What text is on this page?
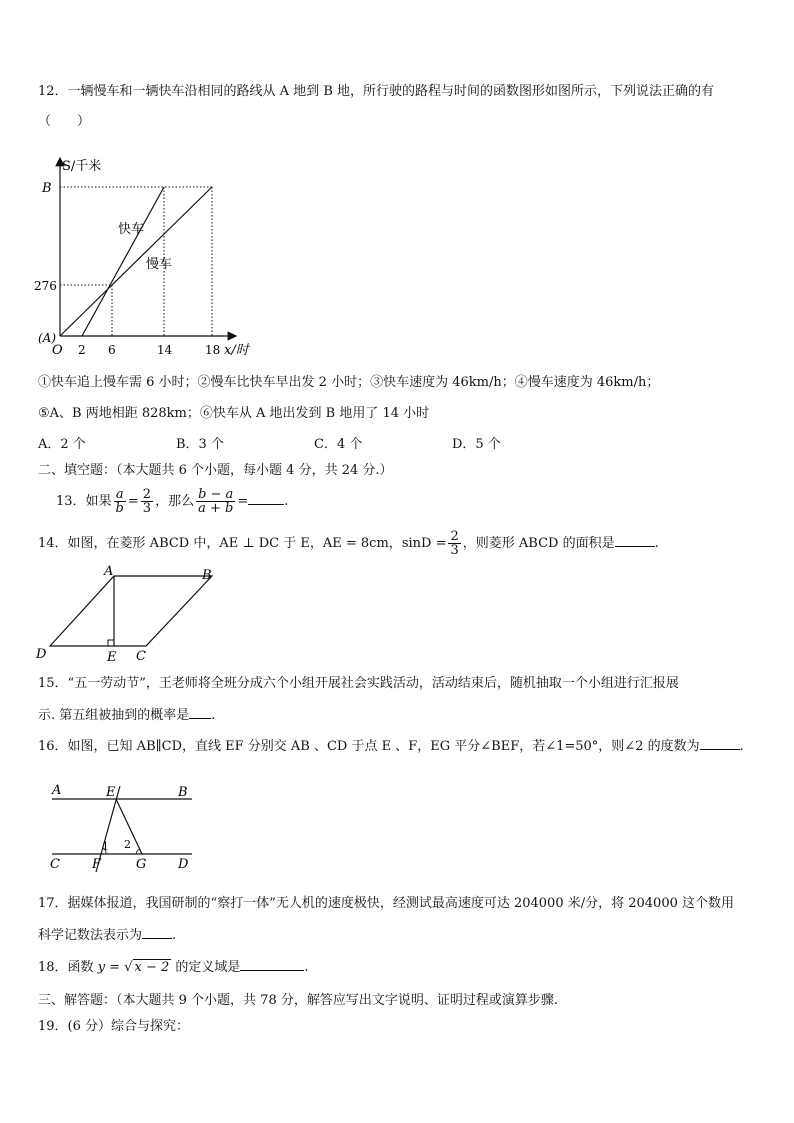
12．一辆慢车和一辆快车沿相同的路线从 A 地到 B 地，所行驶的路程与时间的函数图形如图所示，下列说法正确的有
（　　）
S/千米
B
276
(A)
O 2 6	14	18 x/时
快车
慢车
①快车追上慢车需 6 小时；②慢车比快车早出发 2 小时；③快车速度为 46km/h；④慢车速度为 46km/h；
⑤A、B 两地相距 828km；⑥快车从 A 地出发到 B 地用了 14 小时
A．2 个	B．3 个	C．4 个	D．5 个
二、填空题：（本大题共 6 个小题，每小题 4 分，共 24 分.）
13．如果 $\frac{a}{b} = \frac{2}{3}$ ，那么 $\frac{b - a}{a + b}$ =	.
14．如图，在菱形 ABCD 中，AE ⊥ DC 于 E，AE = 8cm，$\sin D = \frac{2}{3}$ ，则菱形 ABCD 的面积是	.
A	B
C
D	E
15．“五一劳动节”，王老师将全班分成六个小组开展社会实践活动，活动结束后，随机抽取一个小组进行汇报展
示. 第五组被抽到的概率是 .
16．如图，已知 AB∥CD，直线 EF 分别交 AB 、CD 于点 E 、F，EG 平分∠BEF，若∠1=50°，则∠2 的度数为	.
A	E	B
C F	G D
1 2
17．据媒体报道，我国研制的“察打一体”无人机的速度极快，经测试最高速度可达 204000 米/分，将 204000 这个数用
科学记数法表示为 .
18．函数 y = √ x − 2 的定义域是	.
三、解答题：（本大题共 9 个小题，共 78 分，解答应写出文字说明、证明过程或演算步骤.
19．(6 分）综合与探究：
